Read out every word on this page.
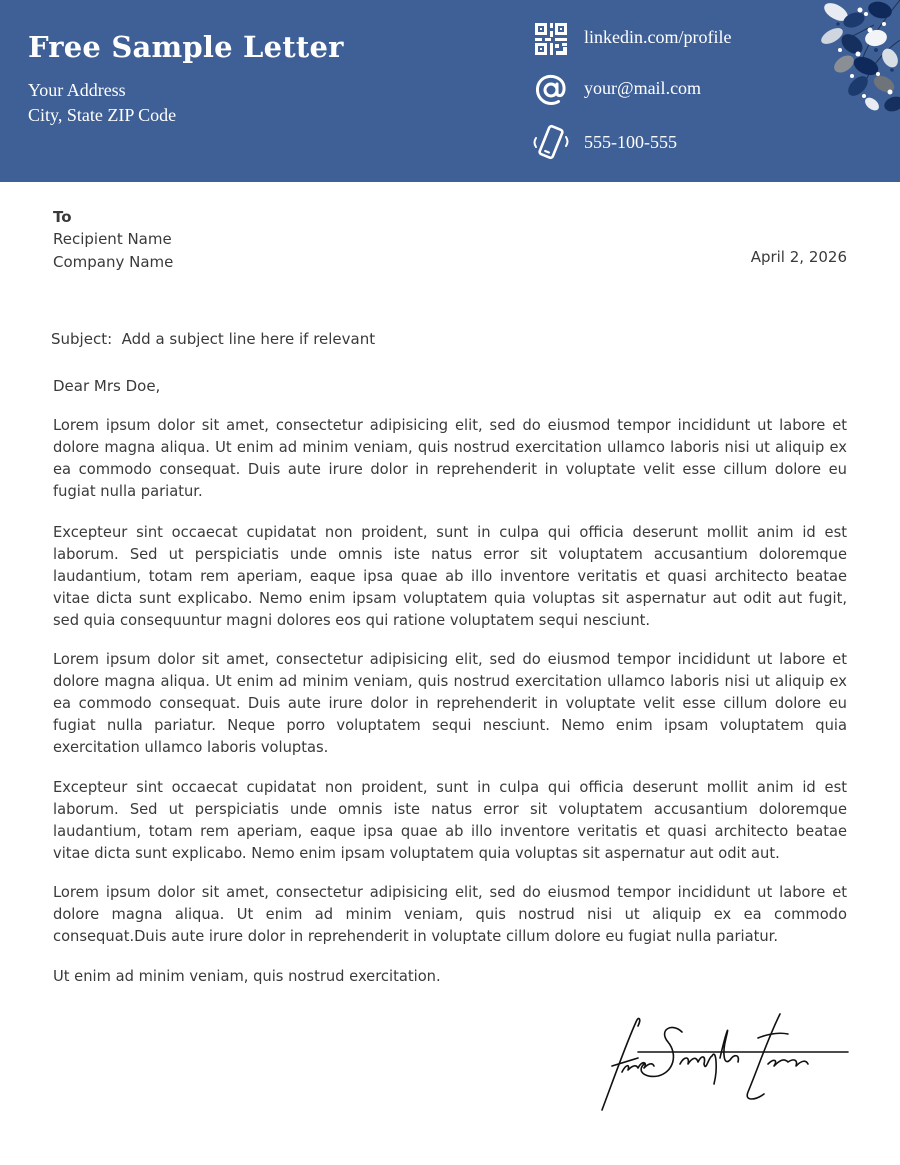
Free Sample Letter
Your Address
City, State ZIP Code
linkedin.com/profile
your@mail.com
555-100-555
To
Recipient Name
Company Name	April 2, 2026
Subject:  Add a subject line here if relevant
Dear Mrs Doe,

Lorem ipsum dolor sit amet, consectetur adipisicing elit, sed do eiusmod tempor incididunt ut labore et dolore magna aliqua. Ut enim ad minim veniam, quis nostrud exercitation ullamco laboris nisi ut aliquip ex ea commodo consequat. Duis aute irure dolor in reprehenderit in voluptate velit esse cillum dolore eu fugiat nulla pariatur.

Excepteur sint occaecat cupidatat non proident, sunt in culpa qui officia deserunt mollit anim id est laborum. Sed ut perspiciatis unde omnis iste natus error sit voluptatem accusantium doloremque laudantium, totam rem aperiam, eaque ipsa quae ab illo inventore veritatis et quasi architecto beatae vitae dicta sunt explicabo. Nemo enim ipsam voluptatem quia voluptas sit aspernatur aut odit aut fugit, sed quia consequuntur magni dolores eos qui ratione voluptatem sequi nesciunt.

Lorem ipsum dolor sit amet, consectetur adipisicing elit, sed do eiusmod tempor incididunt ut labore et dolore magna aliqua. Ut enim ad minim veniam, quis nostrud exercitation ullamco laboris nisi ut aliquip ex ea commodo consequat. Duis aute irure dolor in reprehenderit in voluptate velit esse cillum dolore eu fugiat nulla pariatur. Neque porro voluptatem sequi nesciunt. Nemo enim ipsam voluptatem quia exercitation ullamco laboris voluptas.

Excepteur sint occaecat cupidatat non proident, sunt in culpa qui officia deserunt mollit anim id est laborum. Sed ut perspiciatis unde omnis iste natus error sit voluptatem accusantium doloremque laudantium, totam rem aperiam, eaque ipsa quae ab illo inventore veritatis et quasi architecto beatae vitae dicta sunt explicabo. Nemo enim ipsam voluptatem quia voluptas sit aspernatur aut odit aut.

Lorem ipsum dolor sit amet, consectetur adipisicing elit, sed do eiusmod tempor incididunt ut labore et dolore magna aliqua. Ut enim ad minim veniam, quis nostrud nisi ut aliquip ex ea commodo consequat.Duis aute irure dolor in reprehenderit in voluptate cillum dolore eu fugiat nulla pariatur.

Ut enim ad minim veniam, quis nostrud exercitation.
